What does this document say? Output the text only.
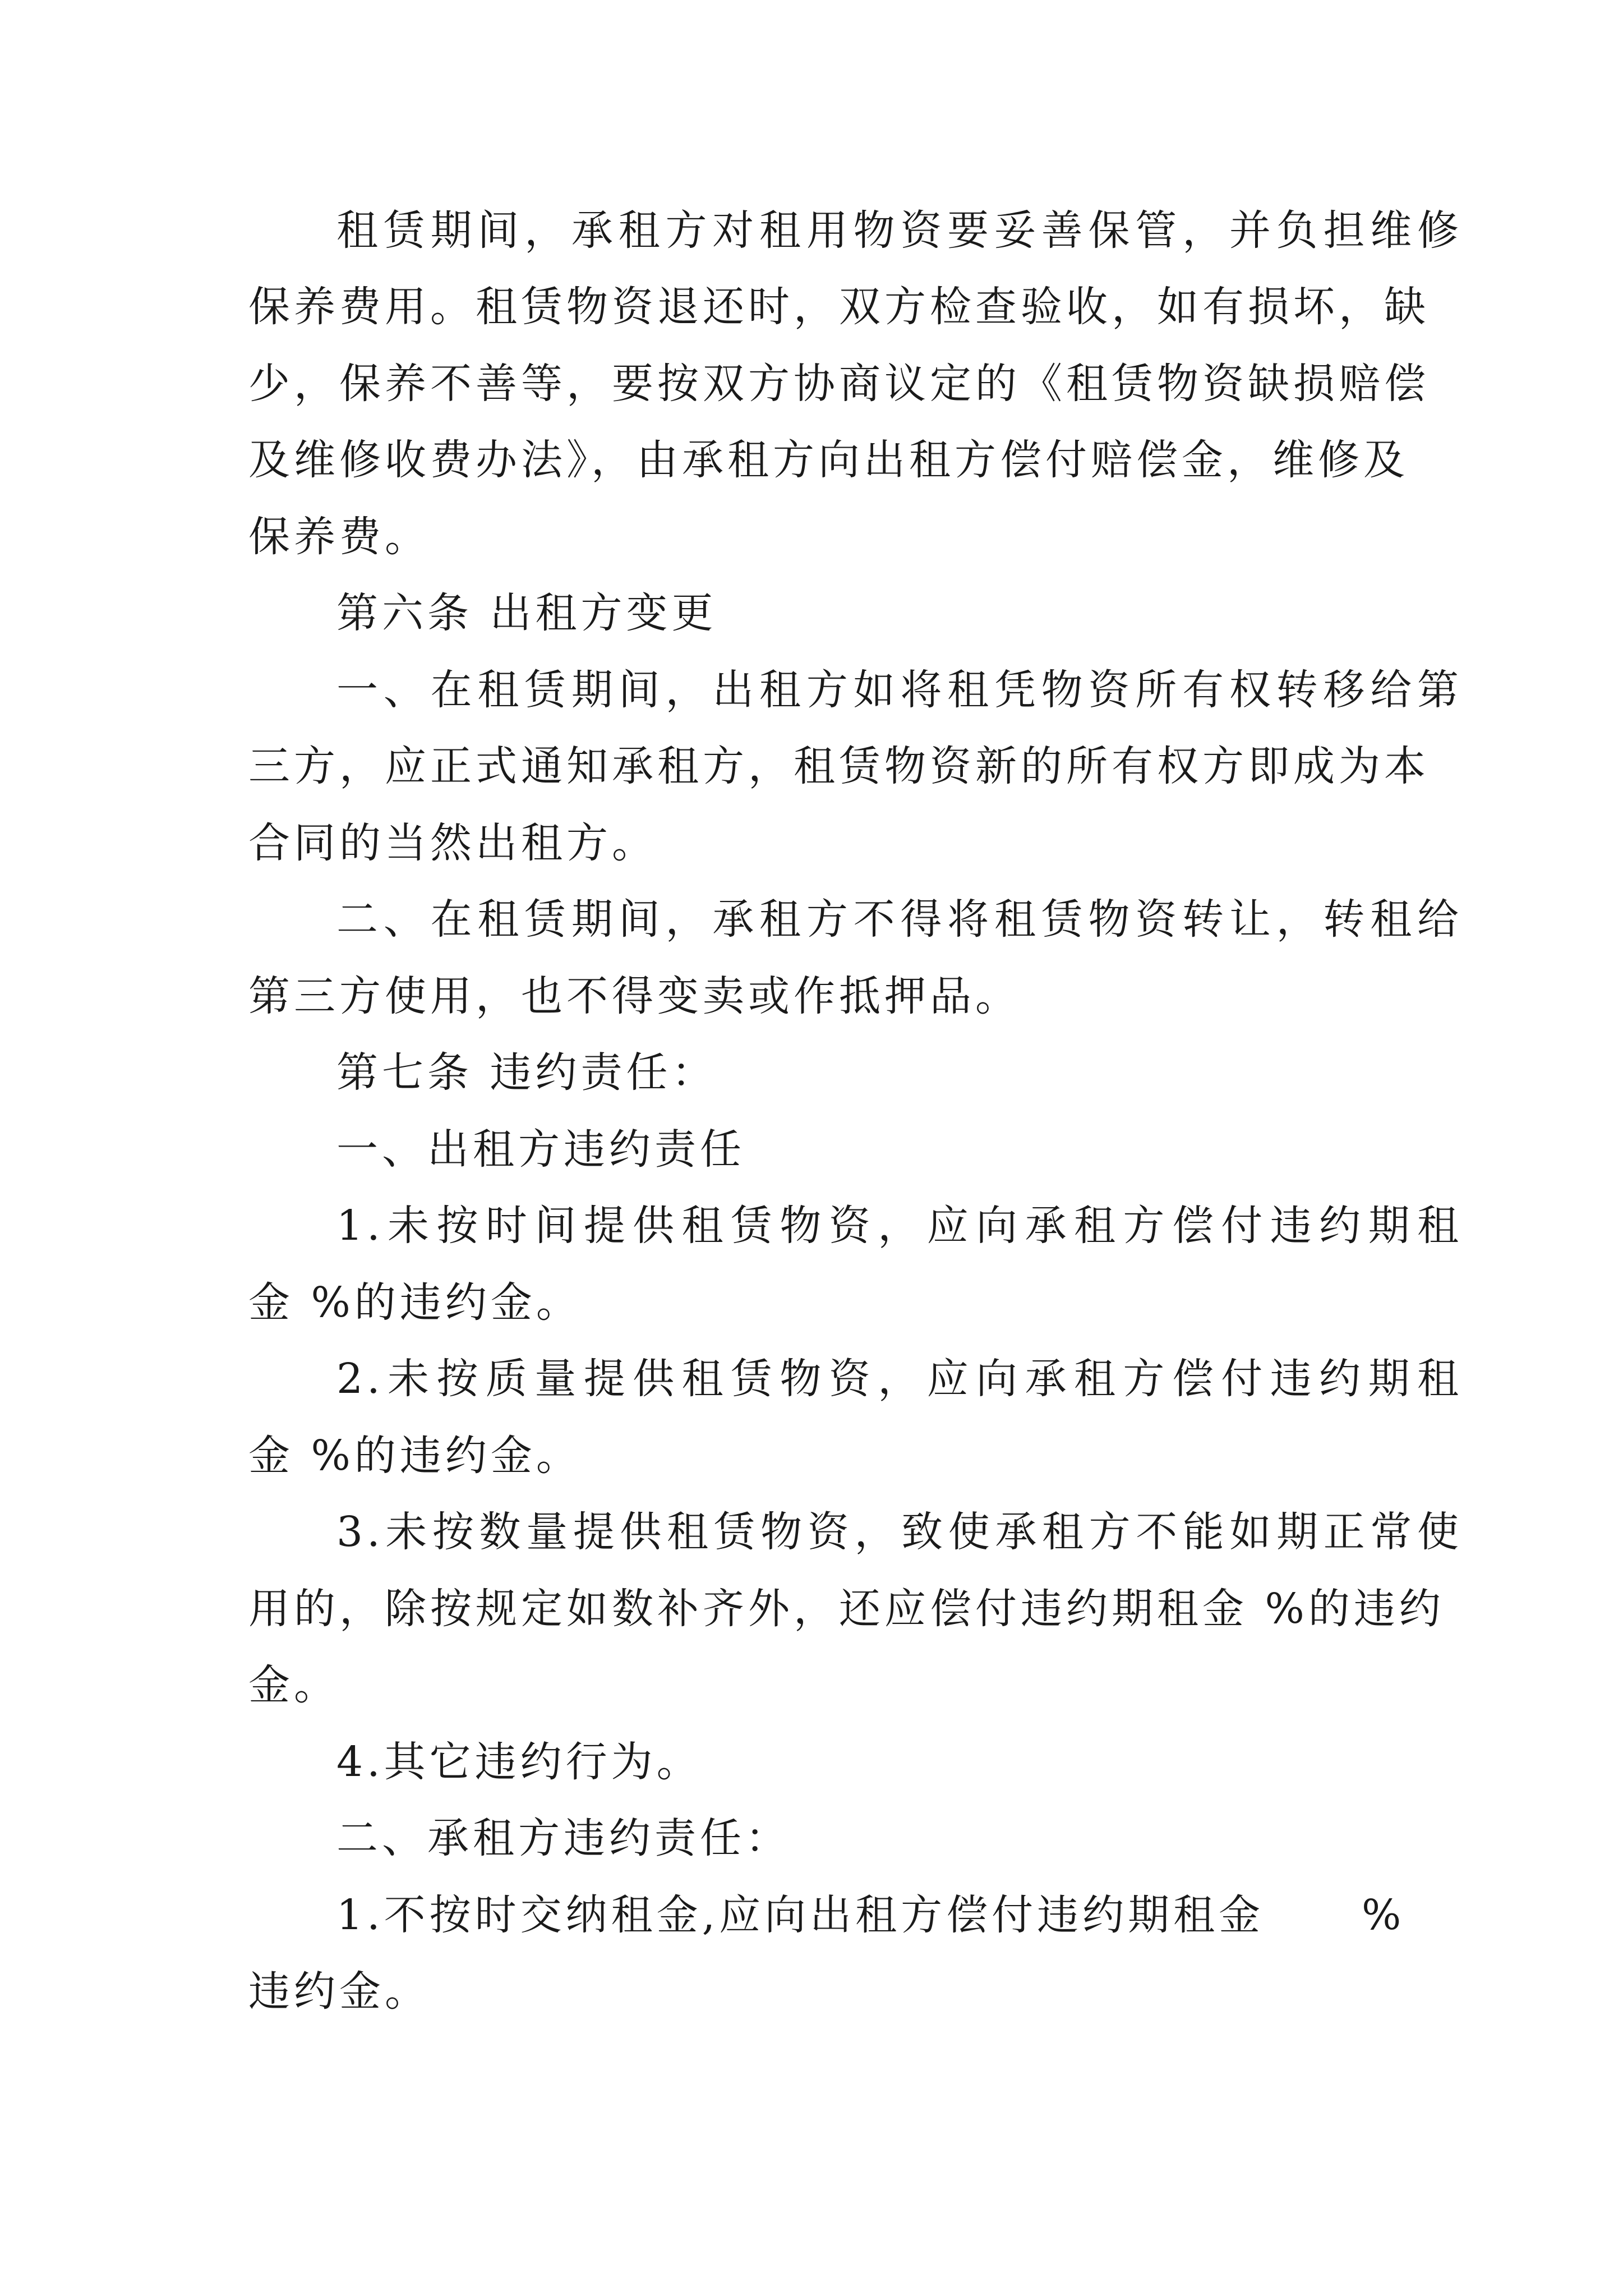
租赁期间，承租方对租用物资要妥善保管，并负担维修
保养费用。租赁物资退还时，双方检查验收，如有损坏，缺
少，保养不善等，要按双方协商议定的《租赁物资缺损赔偿
及维修收费办法》，由承租方向出租方偿付赔偿金，维修及
保养费。
第六条 出租方变更
一、在租赁期间，出租方如将租凭物资所有权转移给第
三方，应正式通知承租方，租赁物资新的所有权方即成为本
合同的当然出租方。
二、在租赁期间，承租方不得将租赁物资转让，转租给
第三方使用，也不得变卖或作抵押品。
第七条 违约责任：
一、出租方违约责任
1.未按时间提供租赁物资，应向承租方偿付违约期租
金 %的违约金。
2.未按质量提供租赁物资，应向承租方偿付违约期租
金 %的违约金。
3.未按数量提供租赁物资，致使承租方不能如期正常使
用的，除按规定如数补齐外，还应偿付违约期租金 %的违约
金。
4.其它违约行为。
二、承租方违约责任：
1.不按时交纳租金,应向出租方偿付违约期租金 %
违约金。
